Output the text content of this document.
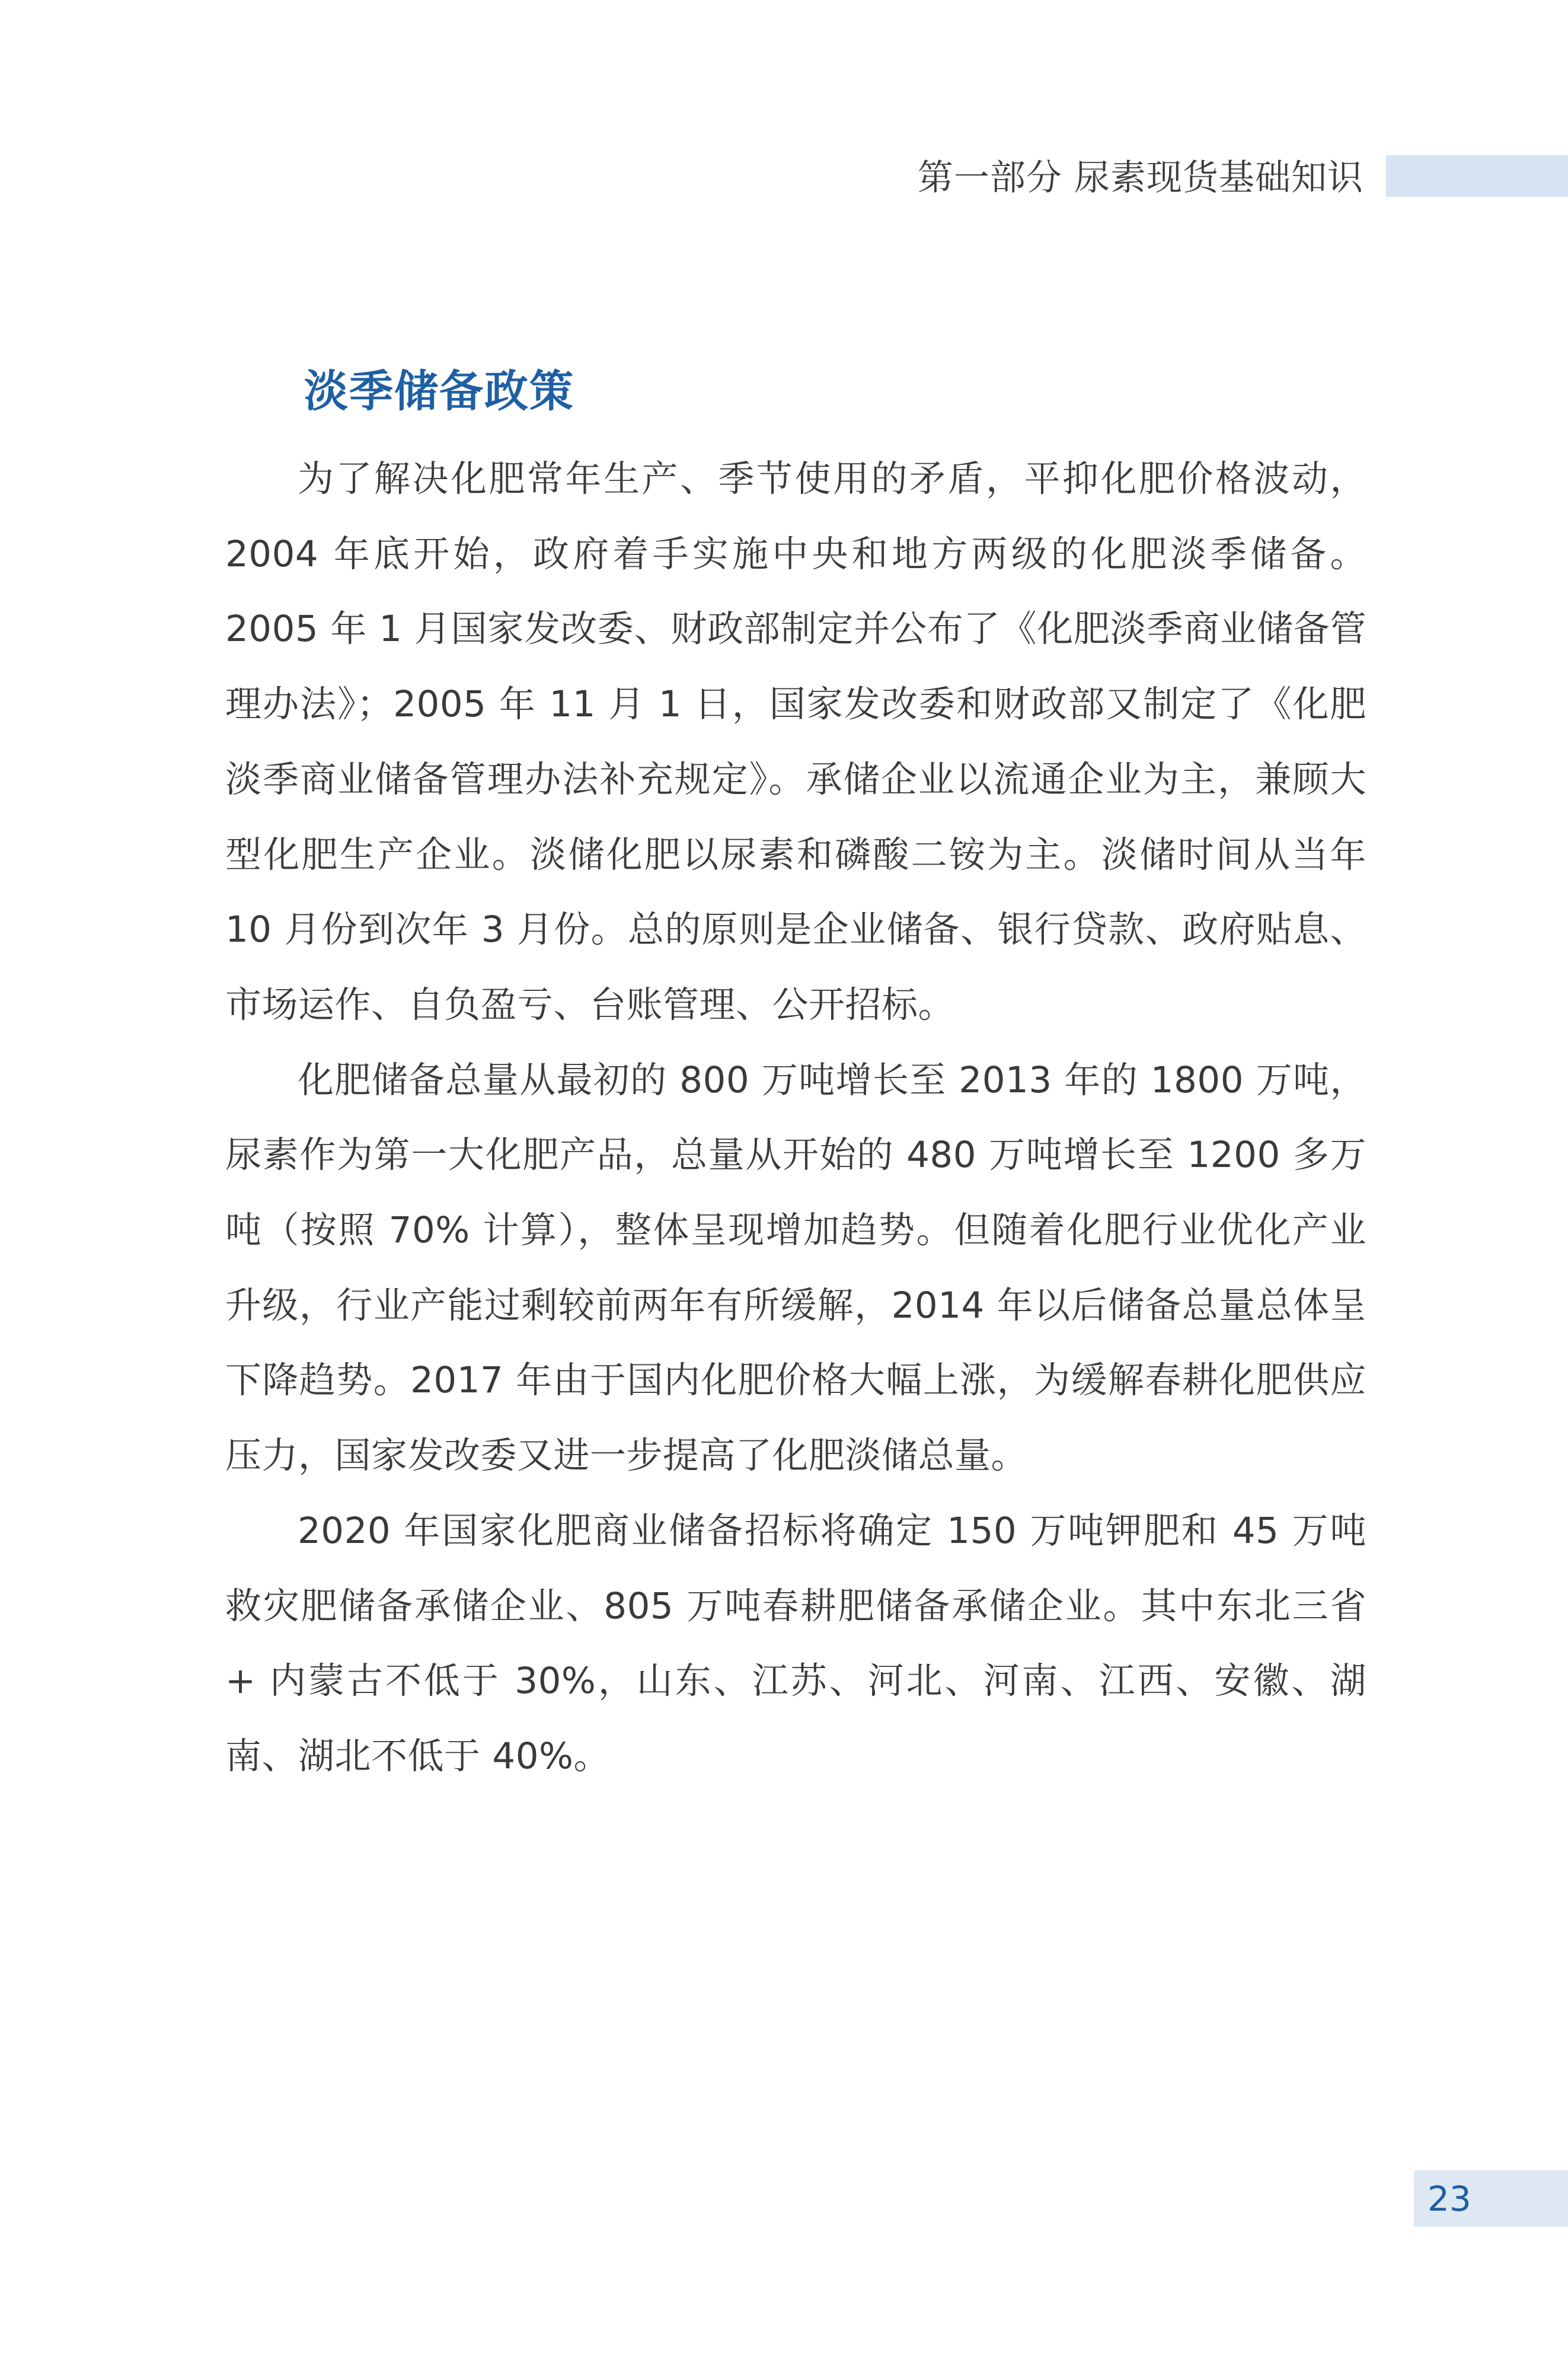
第一部分 尿素现货基础知识
淡季储备政策

为了解决化肥常年生产、季节使用的矛盾，平抑化肥价格波动，2004 年底开始，政府着手实施中央和地方两级的化肥淡季储备。2005 年 1 月国家发改委、财政部制定并公布了《化肥淡季商业储备管理办法》；2005 年 11 月 1 日，国家发改委和财政部又制定了《化肥淡季商业储备管理办法补充规定》。承储企业以流通企业为主，兼顾大型化肥生产企业。淡储化肥以尿素和磷酸二铵为主。淡储时间从当年 10 月份到次年 3 月份。总的原则是企业储备、银行贷款、政府贴息、市场运作、自负盈亏、台账管理、公开招标。

化肥储备总量从最初的 800 万吨增长至 2013 年的 1800 万吨，尿素作为第一大化肥产品，总量从开始的 480 万吨增长至 1200 多万吨（按照 70% 计算），整体呈现增加趋势。但随着化肥行业优化产业升级，行业产能过剩较前两年有所缓解，2014 年以后储备总量总体呈下降趋势。2017 年由于国内化肥价格大幅上涨，为缓解春耕化肥供应压力，国家发改委又进一步提高了化肥淡储总量。

2020 年国家化肥商业储备招标将确定 150 万吨钾肥和 45 万吨救灾肥储备承储企业、805 万吨春耕肥储备承储企业。其中东北三省 + 内蒙古不低于 30%，山东、江苏、河北、河南、江西、安徽、湖南、湖北不低于 40%。

23
